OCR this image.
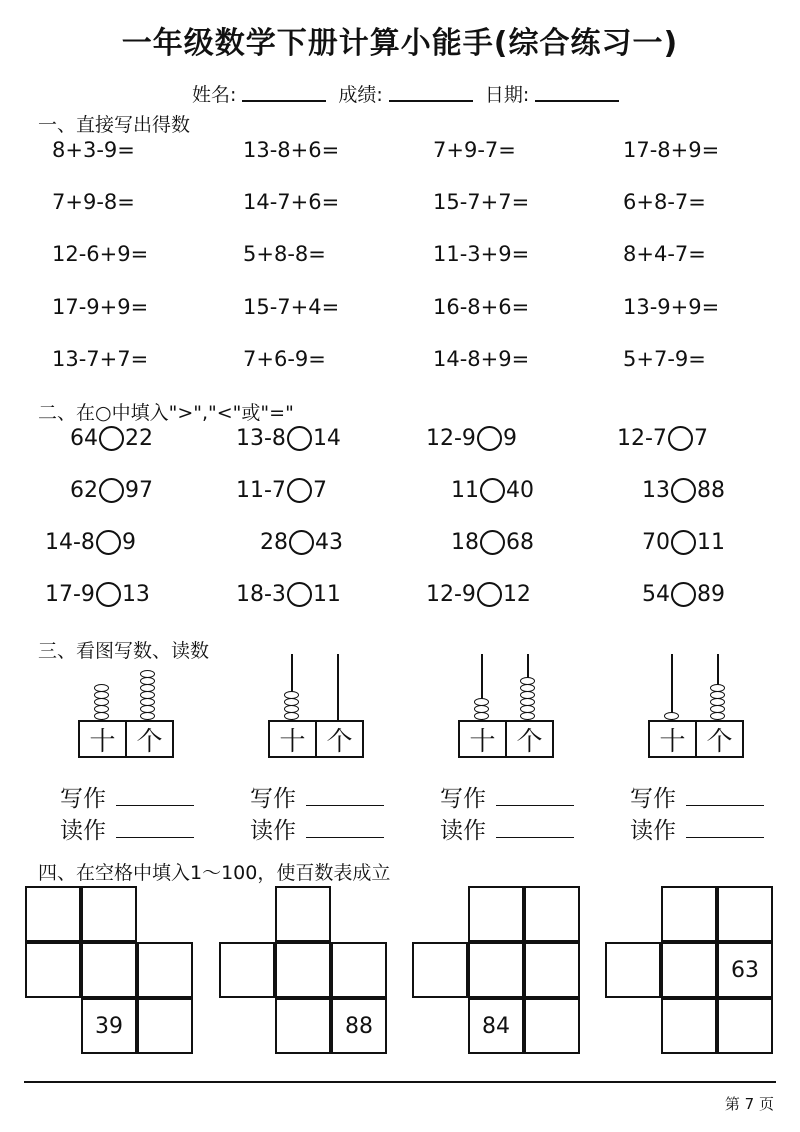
一年级数学下册计算小能手(综合练习一)
姓名:	成绩:	日期:
一、直接写出得数
8+3-9=	13-8+6=	7+9-7=	17-8+9=
7+9-8=	14-7+6=	15-7+7=	6+8-7=
12-6+9=	5+8-8=	11-3+9=	8+4-7=
17-9+9=	15-7+4=	16-8+6=	13-9+9=
13-7+7=	7+6-9=	14-8+9=	5+7-9=
二、在○中填入">","<"或"="
64 22	13-8 14	12-9 9	12-7 7
62 97	11-7 7	11 40	13 88
14-8 9	28 43	18 68	70 11
17-9 13	18-3 11	12-9 12	54 89
三、看图写数、读数
十 个
写作
读作
十 个
写作
读作
十 个
写作
读作
十 个
写作
读作
四、在空格中填入1～100，使百数表成立
39	88	84
63
第 7 页
